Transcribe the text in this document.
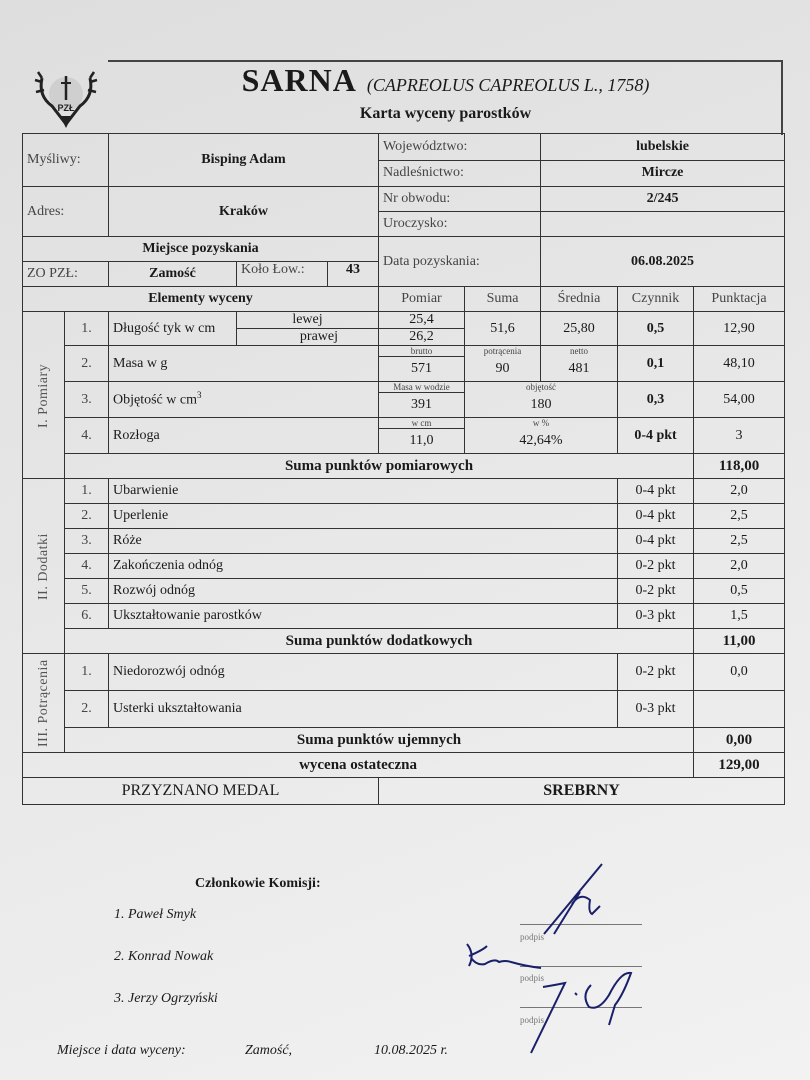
PZŁ
SARNA (CAPREOLUS CAPREOLUS L., 1758)
Karta wyceny parostków
Myśliwy:		Bisping Adam		Województwo:		lubelskie		
				Nadleśnictwo:		Mircze		
Adres:		Kraków		Nr obwodu:		2/245		
				Uroczysko:				
Miejsce pozyskania				Data pozyskania:		06.08.2025		
ZO PZŁ:		Zamość	Koło Łow.: 43					

Elementy wyceny				Pomiar	Suma	Średnia	Czynnik	Punktacja
I. Pomiary	1.	Długość tyk w cm	lewej	25,4	51,6	25,80	0,5	12,90
			prawej	26,2				
	2.	Masa w g		brutto	potrącenia	netto	0,1	48,10
				571	90	481		
	3.	Objętość w $cm^3$		Masa w wodzie	objętość		0,3	54,00
				391	180			
	4.	Rozłoga		w cm	w %		0-4 pkt	3
				11,0	42,64%			
	Suma punktów pomiarowych							118,00
II. Dodatki	1.	Ubarwienie					0-4 pkt	2,0
	2.	Uperlenie					0-4 pkt	2,5
	3.	Róże					0-4 pkt	2,5
	4.	Zakończenia odnóg					0-2 pkt	2,0
	5.	Rozwój odnóg					0-2 pkt	0,5
	6.	Ukształtowanie parostków					0-3 pkt	1,5
	Suma punktów dodatkowych							11,00
III. Potrącenia	1.	Niedorozwój odnóg					0-2 pkt	0,0
	2.	Usterki ukształtowania					0-3 pkt	
	Suma punktów ujemnych							0,00
wycena ostateczna								129,00
PRZYZNANO MEDAL				SREBRNY				
Członkowie Komisji:
1. Paweł Smyk
2. Konrad Nowak
3. Jerzy Ogrzyński
podpis
podpis
podpis
Miejsce i data wyceny:	Zamość,	10.08.2025 r.
